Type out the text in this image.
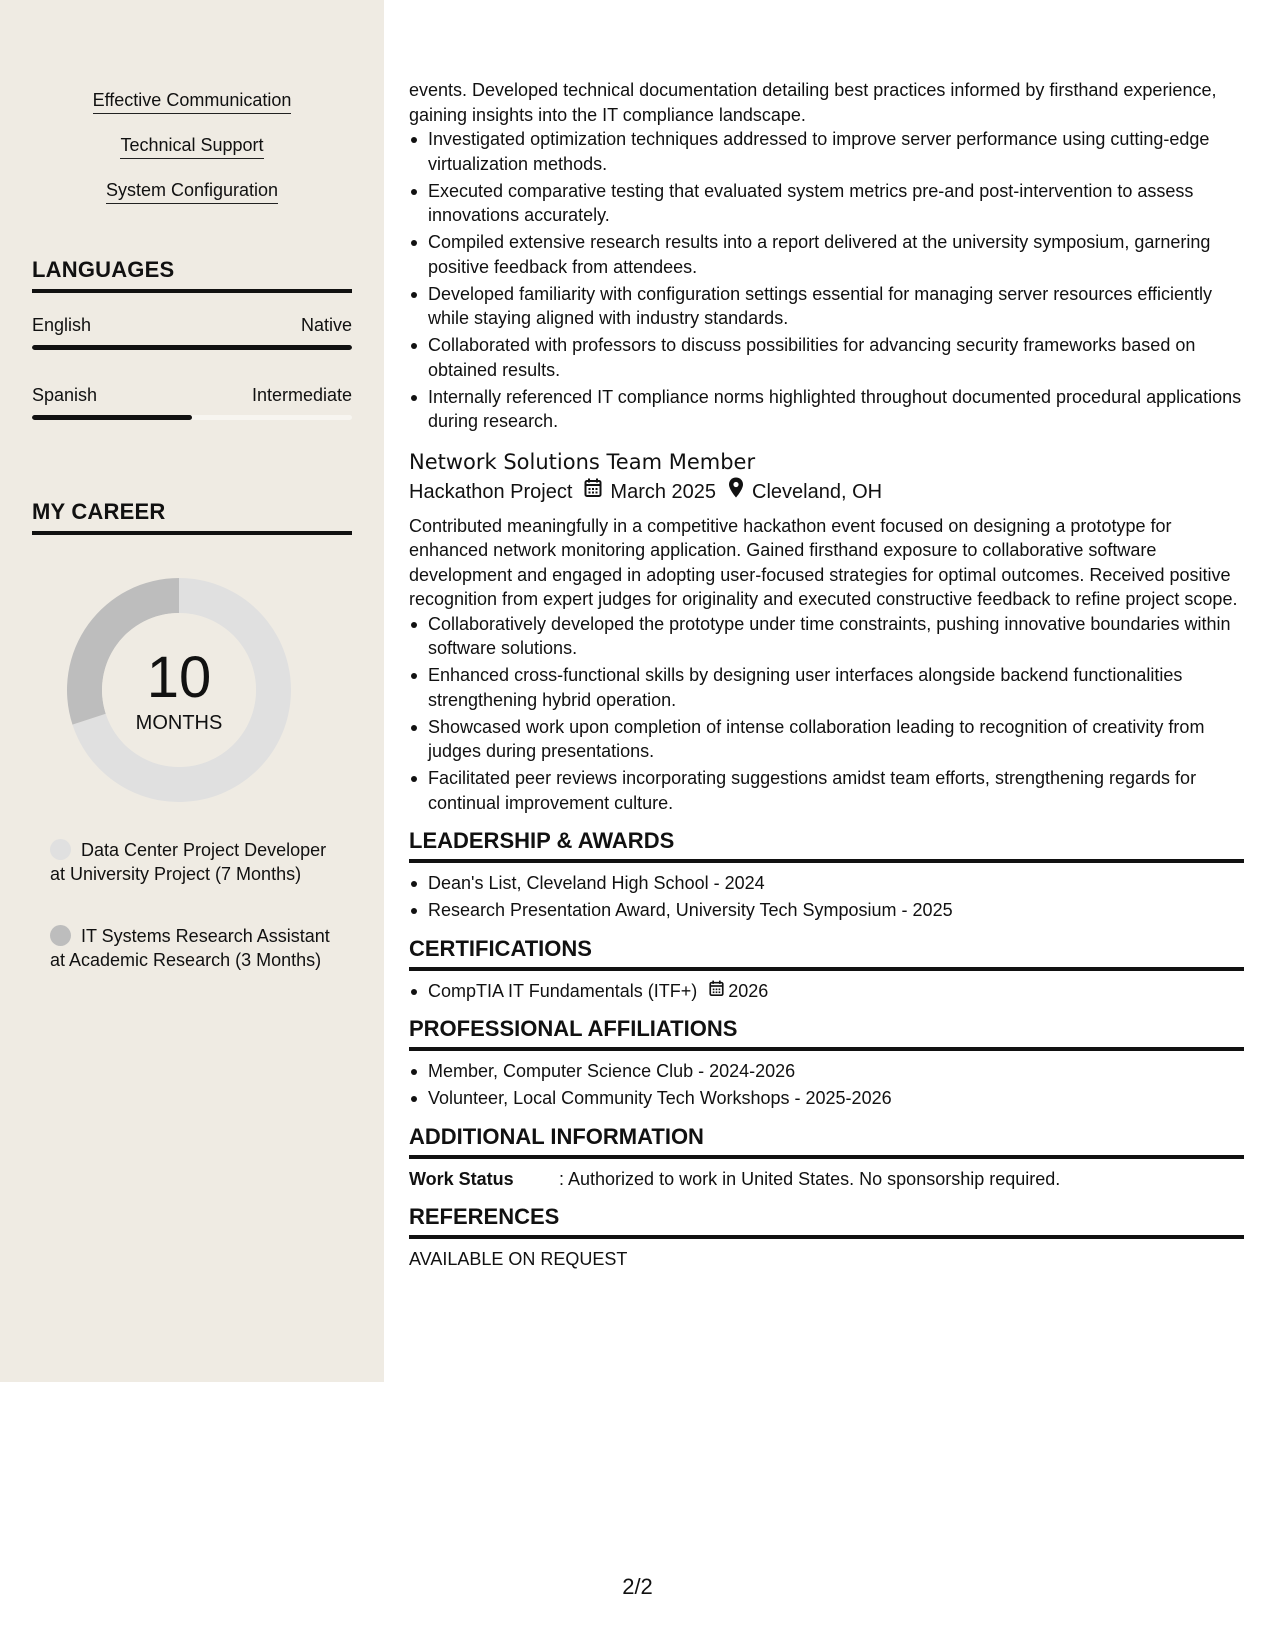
Effective Communication
Technical Support
System Configuration
LANGUAGES
English	Native
Spanish	Intermediate
MY CAREER
10
MONTHS
Data Center Project Developer at University Project (7 Months)
IT Systems Research Assistant at Academic Research (3 Months)

events. Developed technical documentation detailing best practices informed by firsthand experience, gaining insights into the IT compliance landscape.

Investigated optimization techniques addressed to improve server performance using cutting-edge virtualization methods.
Executed comparative testing that evaluated system metrics pre-and post-intervention to assess innovations accurately.
Compiled extensive research results into a report delivered at the university symposium, garnering positive feedback from attendees.
Developed familiarity with configuration settings essential for managing server resources efficiently while staying aligned with industry standards.
Collaborated with professors to discuss possibilities for advancing security frameworks based on obtained results.
Internally referenced IT compliance norms highlighted throughout documented procedural applications during research.
Network Solutions Team Member
Hackathon Project March 2025 Cleveland, OH

Contributed meaningfully in a competitive hackathon event focused on designing a prototype for enhanced network monitoring application. Gained firsthand exposure to collaborative software development and engaged in adopting user-focused strategies for optimal outcomes. Received positive recognition from expert judges for originality and executed constructive feedback to refine project scope.

Collaboratively developed the prototype under time constraints, pushing innovative boundaries within software solutions.
Enhanced cross-functional skills by designing user interfaces alongside backend functionalities strengthening hybrid operation.
Showcased work upon completion of intense collaboration leading to recognition of creativity from judges during presentations.
Facilitated peer reviews incorporating suggestions amidst team efforts, strengthening regards for continual improvement culture.
LEADERSHIP & AWARDS
Dean's List, Cleveland High School - 2024
Research Presentation Award, University Tech Symposium - 2025
CERTIFICATIONS
CompTIA IT Fundamentals (ITF+) 2026
PROFESSIONAL AFFILIATIONS
Member, Computer Science Club - 2024-2026
Volunteer, Local Community Tech Workshops - 2025-2026
ADDITIONAL INFORMATION
Work Status	: Authorized to work in United States. No sponsorship required.
REFERENCES
AVAILABLE ON REQUEST
2/2
